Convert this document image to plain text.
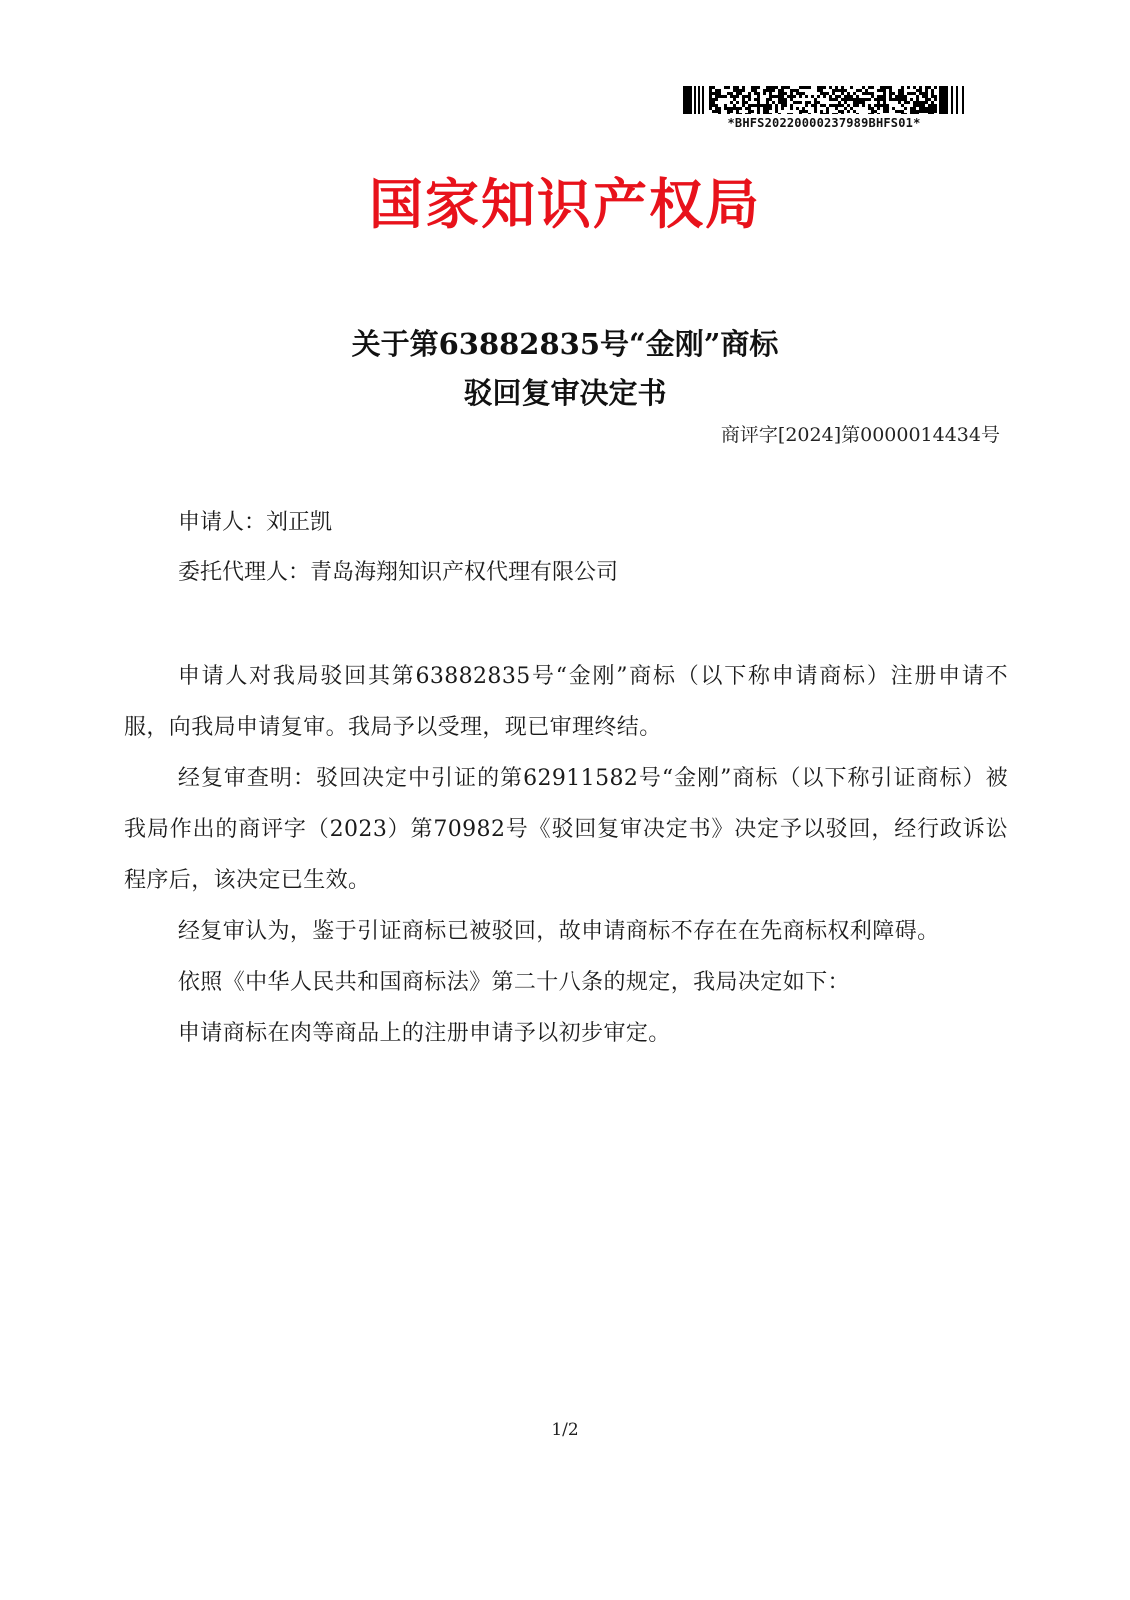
*BHFS20220000237989BHFS01*
国家知识产权局
关于第63882835号“金刚”商标
驳回复审决定书
商评字[2024]第0000014434号
申请人：刘正凯
委托代理人：青岛海翔知识产权代理有限公司

申请人对我局驳回其第63882835号“金刚”商标（以下称申请商标）注册申请不服，向我局申请复审。我局予以受理，现已审理终结。

经复审查明：驳回决定中引证的第62911582号“金刚”商标（以下称引证商标）被我局作出的商评字（2023）第70982号《驳回复审决定书》决定予以驳回，经行政诉讼程序后，该决定已生效。

经复审认为，鉴于引证商标已被驳回，故申请商标不存在在先商标权利障碍。

依照《中华人民共和国商标法》第二十八条的规定，我局决定如下：

申请商标在肉等商品上的注册申请予以初步审定。

1/2
